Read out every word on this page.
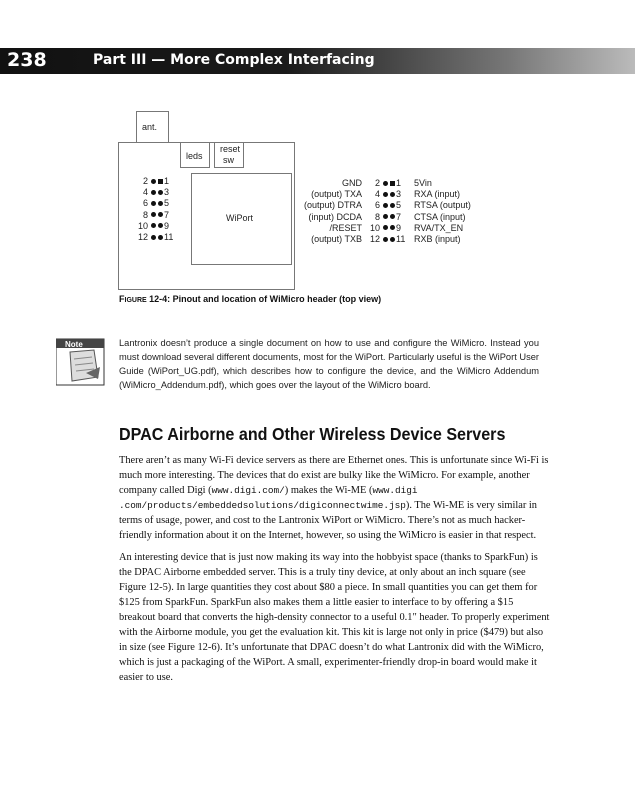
238	Part III — More Complex Interfacing
ant.
leds
reset
sw
WiPort
2 1
4 3
6 5
8 7
10 9
12 11
GND 2 1 5Vin
(output) TXA 4 3 RXA (input)
(output) DTRA 6 5 RTSA (output)
(input) DCDA 8 7 CTSA (input)
/RESET 10 9 RVA/TX_EN
(output) TXB 12 11 RXB (input)
FIGURE 12-4: Pinout and location of WiMicro header (top view)
Note	Lantronix doesn’t produce a single document on how to use and configure the WiMicro. Instead you must download several different documents, most for the WiPort. Particularly useful is the WiPort User Guide (WiPort_UG.pdf), which describes how to configure the device, and the WiMicro Addendum (WiMicro_Addendum.pdf), which goes over the layout of the WiMicro board.
DPAC Airborne and Other Wireless Device Servers
There aren’t as many Wi-Fi device servers as there are Ethernet ones. This is unfortunate since Wi-Fi is much more interesting. The devices that do exist are bulky like the WiMicro. For example, another company called Digi (www.digi.com/) makes the Wi-ME (www.digi .com/products/embeddedsolutions/digiconnectwime.jsp). The Wi-ME is very similar in terms of usage, power, and cost to the Lantronix WiPort or WiMicro. There’s not as much hacker-friendly information about it on the Internet, however, so using the WiMicro is easier in that respect.
An interesting device that is just now making its way into the hobbyist space (thanks to SparkFun) is the DPAC Airborne embedded server. This is a truly tiny device, at only about an inch square (see Figure 12-5). In large quantities they cost about $80 a piece. In small quantities you can get them for $125 from SparkFun. SparkFun also makes them a little easier to interface to by offering a $15 breakout board that converts the high-density connector to a useful 0.1″ header. To properly experiment with the Airborne module, you get the evaluation kit. This kit is large not only in price ($479) but also in size (see Figure 12-6). It’s unfortunate that DPAC doesn’t do what Lantronix did with the WiMicro, which is just a packaging of the WiPort. A small, experimenter-friendly drop-in board would make it easier to use.
